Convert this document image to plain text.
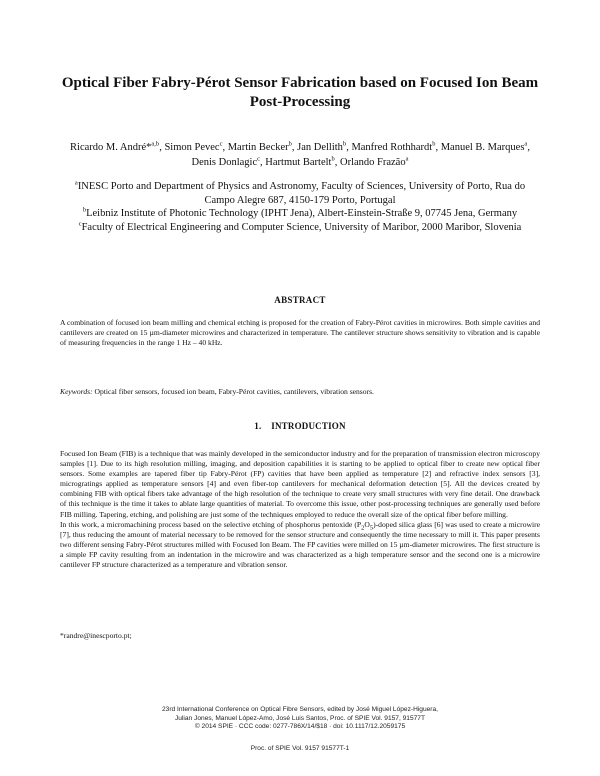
Optical Fiber Fabry-Pérot Sensor Fabrication based on Focused Ion Beam Post-Processing
Ricardo M. André*$^{a,b}$, Simon Pevec$^c$, Martin Becker$^b$, Jan Dellith$^b$, Manfred Rothhardt$^b$, Manuel B. Marques$^a$, Denis Donlagic$^c$, Hartmut Bartelt$^b$, Orlando Frazão$^a$

$^a$INESC Porto and Department of Physics and Astronomy, Faculty of Sciences, University of Porto, Rua do Campo Alegre 687, 4150-179 Porto, Portugal

$^b$Leibniz Institute of Photonic Technology (IPHT Jena), Albert-Einstein-Straße 9, 07745 Jena, Germany

$^c$Faculty of Electrical Engineering and Computer Science, University of Maribor, 2000 Maribor, Slovenia

ABSTRACT
A combination of focused ion beam milling and chemical etching is proposed for the creation of Fabry-Pérot cavities in microwires. Both simple cavities and cantilevers are created on 15 µm-diameter microwires and characterized in temperature. The cantilever structure shows sensitivity to vibration and is capable of measuring frequencies in the range 1 Hz – 40 kHz.
Keywords: Optical fiber sensors, focused ion beam, Fabry-Pérot cavities, cantilevers, vibration sensors.
1. INTRODUCTION

Focused Ion Beam (FIB) is a technique that was mainly developed in the semiconductor industry and for the preparation of transmission electron microscopy samples [1]. Due to its high resolution milling, imaging, and deposition capabilities it is starting to be applied to optical fiber to create new optical fiber sensors. Some examples are tapered fiber tip Fabry-Pérot (FP) cavities that have been applied as temperature [2] and refractive index sensors [3], microgratings applied as temperature sensors [4] and even fiber-top cantilevers for mechanical deformation detection [5]. All the devices created by combining FIB with optical fibers take advantage of the high resolution of the technique to create very small structures with very fine detail. One drawback of this technique is the time it takes to ablate large quantities of material. To overcome this issue, other post-processing techniques are generally used before FIB milling. Tapering, etching, and polishing are just some of the techniques employed to reduce the overall size of the optical fiber before milling.

In this work, a micromachining process based on the selective etching of phosphorus pentoxide $(P_2O_5)$-doped silica glass [6] was used to create a microwire [7], thus reducing the amount of material necessary to be removed for the sensor structure and consequently the time necessary to mill it. This paper presents two different sensing Fabry-Pérot structures milled with Focused Ion Beam. The FP cavities were milled on 15 µm-diameter microwires. The first structure is a simple FP cavity resulting from an indentation in the microwire and was characterized as a high temperature sensor and the second one is a microwire cantilever FP structure characterized as a temperature and vibration sensor.

*randre@inescporto.pt;
23rd International Conference on Optical Fibre Sensors, edited by José Miguel López-Higuera,
Julian Jones, Manuel López-Amo, José Luis Santos, Proc. of SPIE Vol. 9157, 91577T
© 2014 SPIE · CCC code: 0277-786X/14/$18 · doi: 10.1117/12.2059175
Proc. of SPIE Vol. 9157 91577T-1
